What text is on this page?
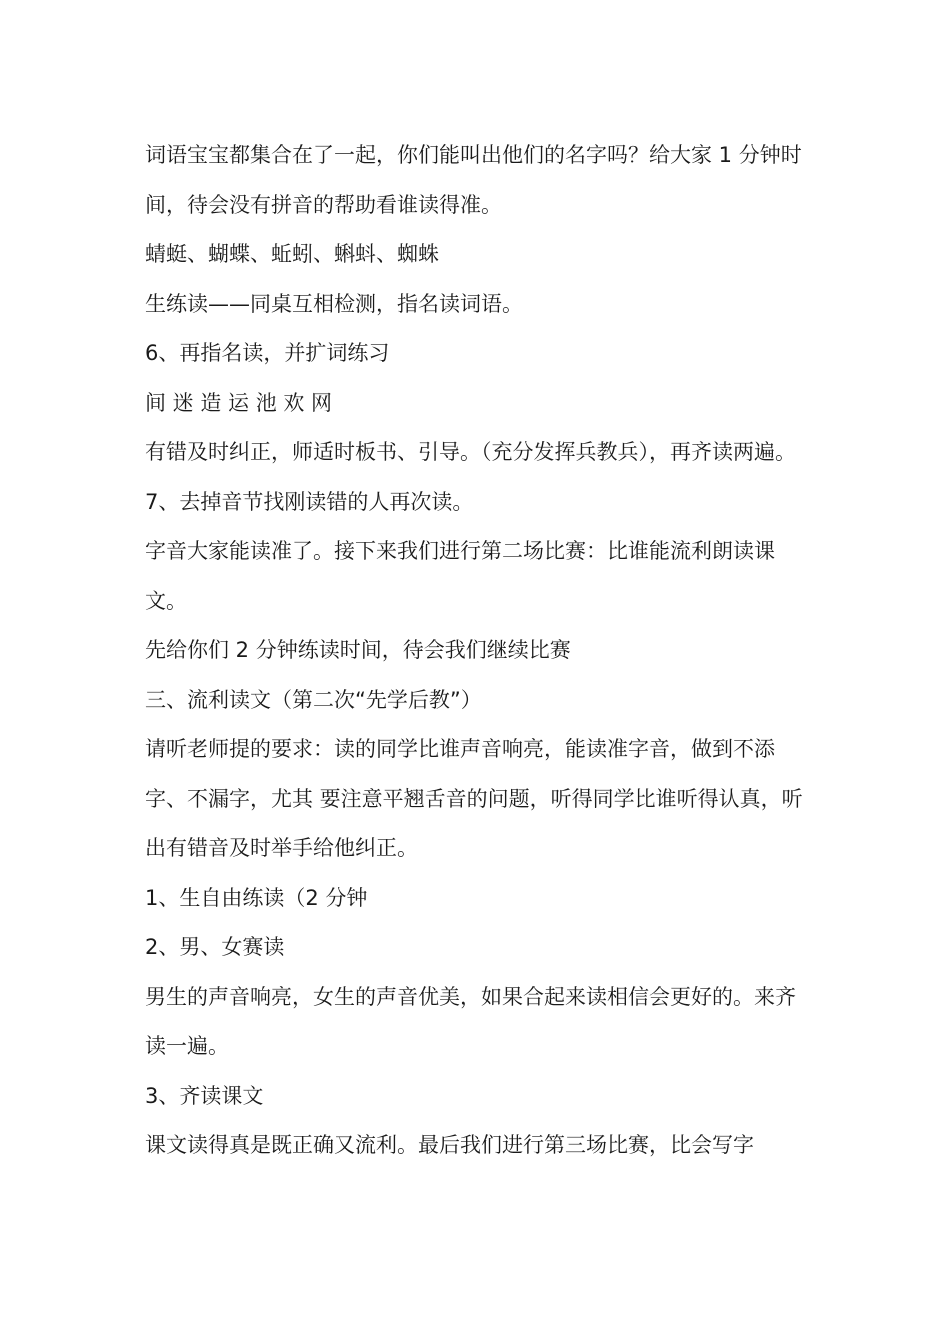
词语宝宝都集合在了一起，你们能叫出他们的名字吗？给大家 1 分钟时间，待会没有拼音的帮助看谁读得准。

蜻蜓、蝴蝶、蚯蚓、蝌蚪、蜘蛛

生练读——同桌互相检测，指名读词语。

6、再指名读，并扩词练习

间 迷 造 运 池 欢 网

有错及时纠正，师适时板书、引导。（充分发挥兵教兵），再齐读两遍。

7、去掉音节找刚读错的人再次读。

字音大家能读准了。接下来我们进行第二场比赛：比谁能流利朗读课文。

先给你们 2 分钟练读时间，待会我们继续比赛

三、流利读文（第二次“先学后教”）

请听老师提的要求：读的同学比谁声音响亮，能读准字音，做到不添字、不漏字，尤其 要注意平翘舌音的问题，听得同学比谁听得认真，听出有错音及时举手给他纠正。

1、生自由练读（2 分钟

2、男、女赛读

男生的声音响亮，女生的声音优美，如果合起来读相信会更好的。来齐读一遍。

3、齐读课文

课文读得真是既正确又流利。最后我们进行第三场比赛，比会写字
